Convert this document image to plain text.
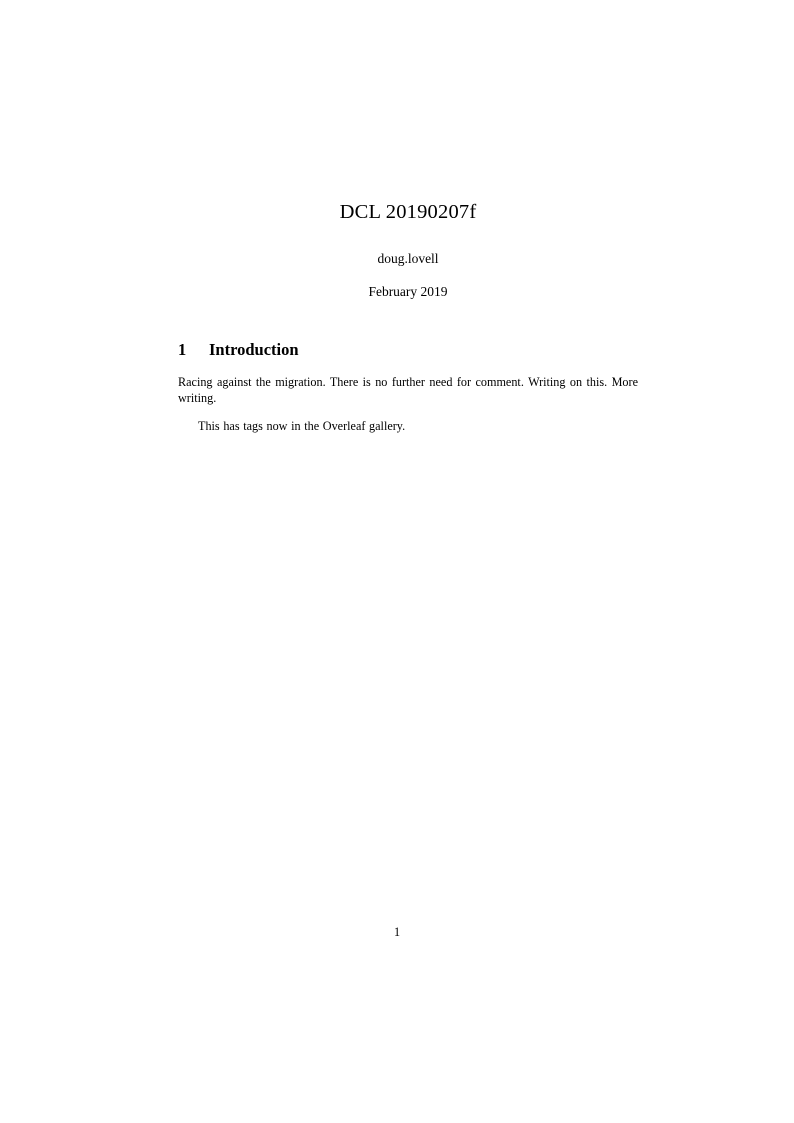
DCL 20190207f
doug.lovell
February 2019
1	Introduction

Racing against the migration. There is no further need for comment. Writing on this. More writing.

This has tags now in the Overleaf gallery.

1
